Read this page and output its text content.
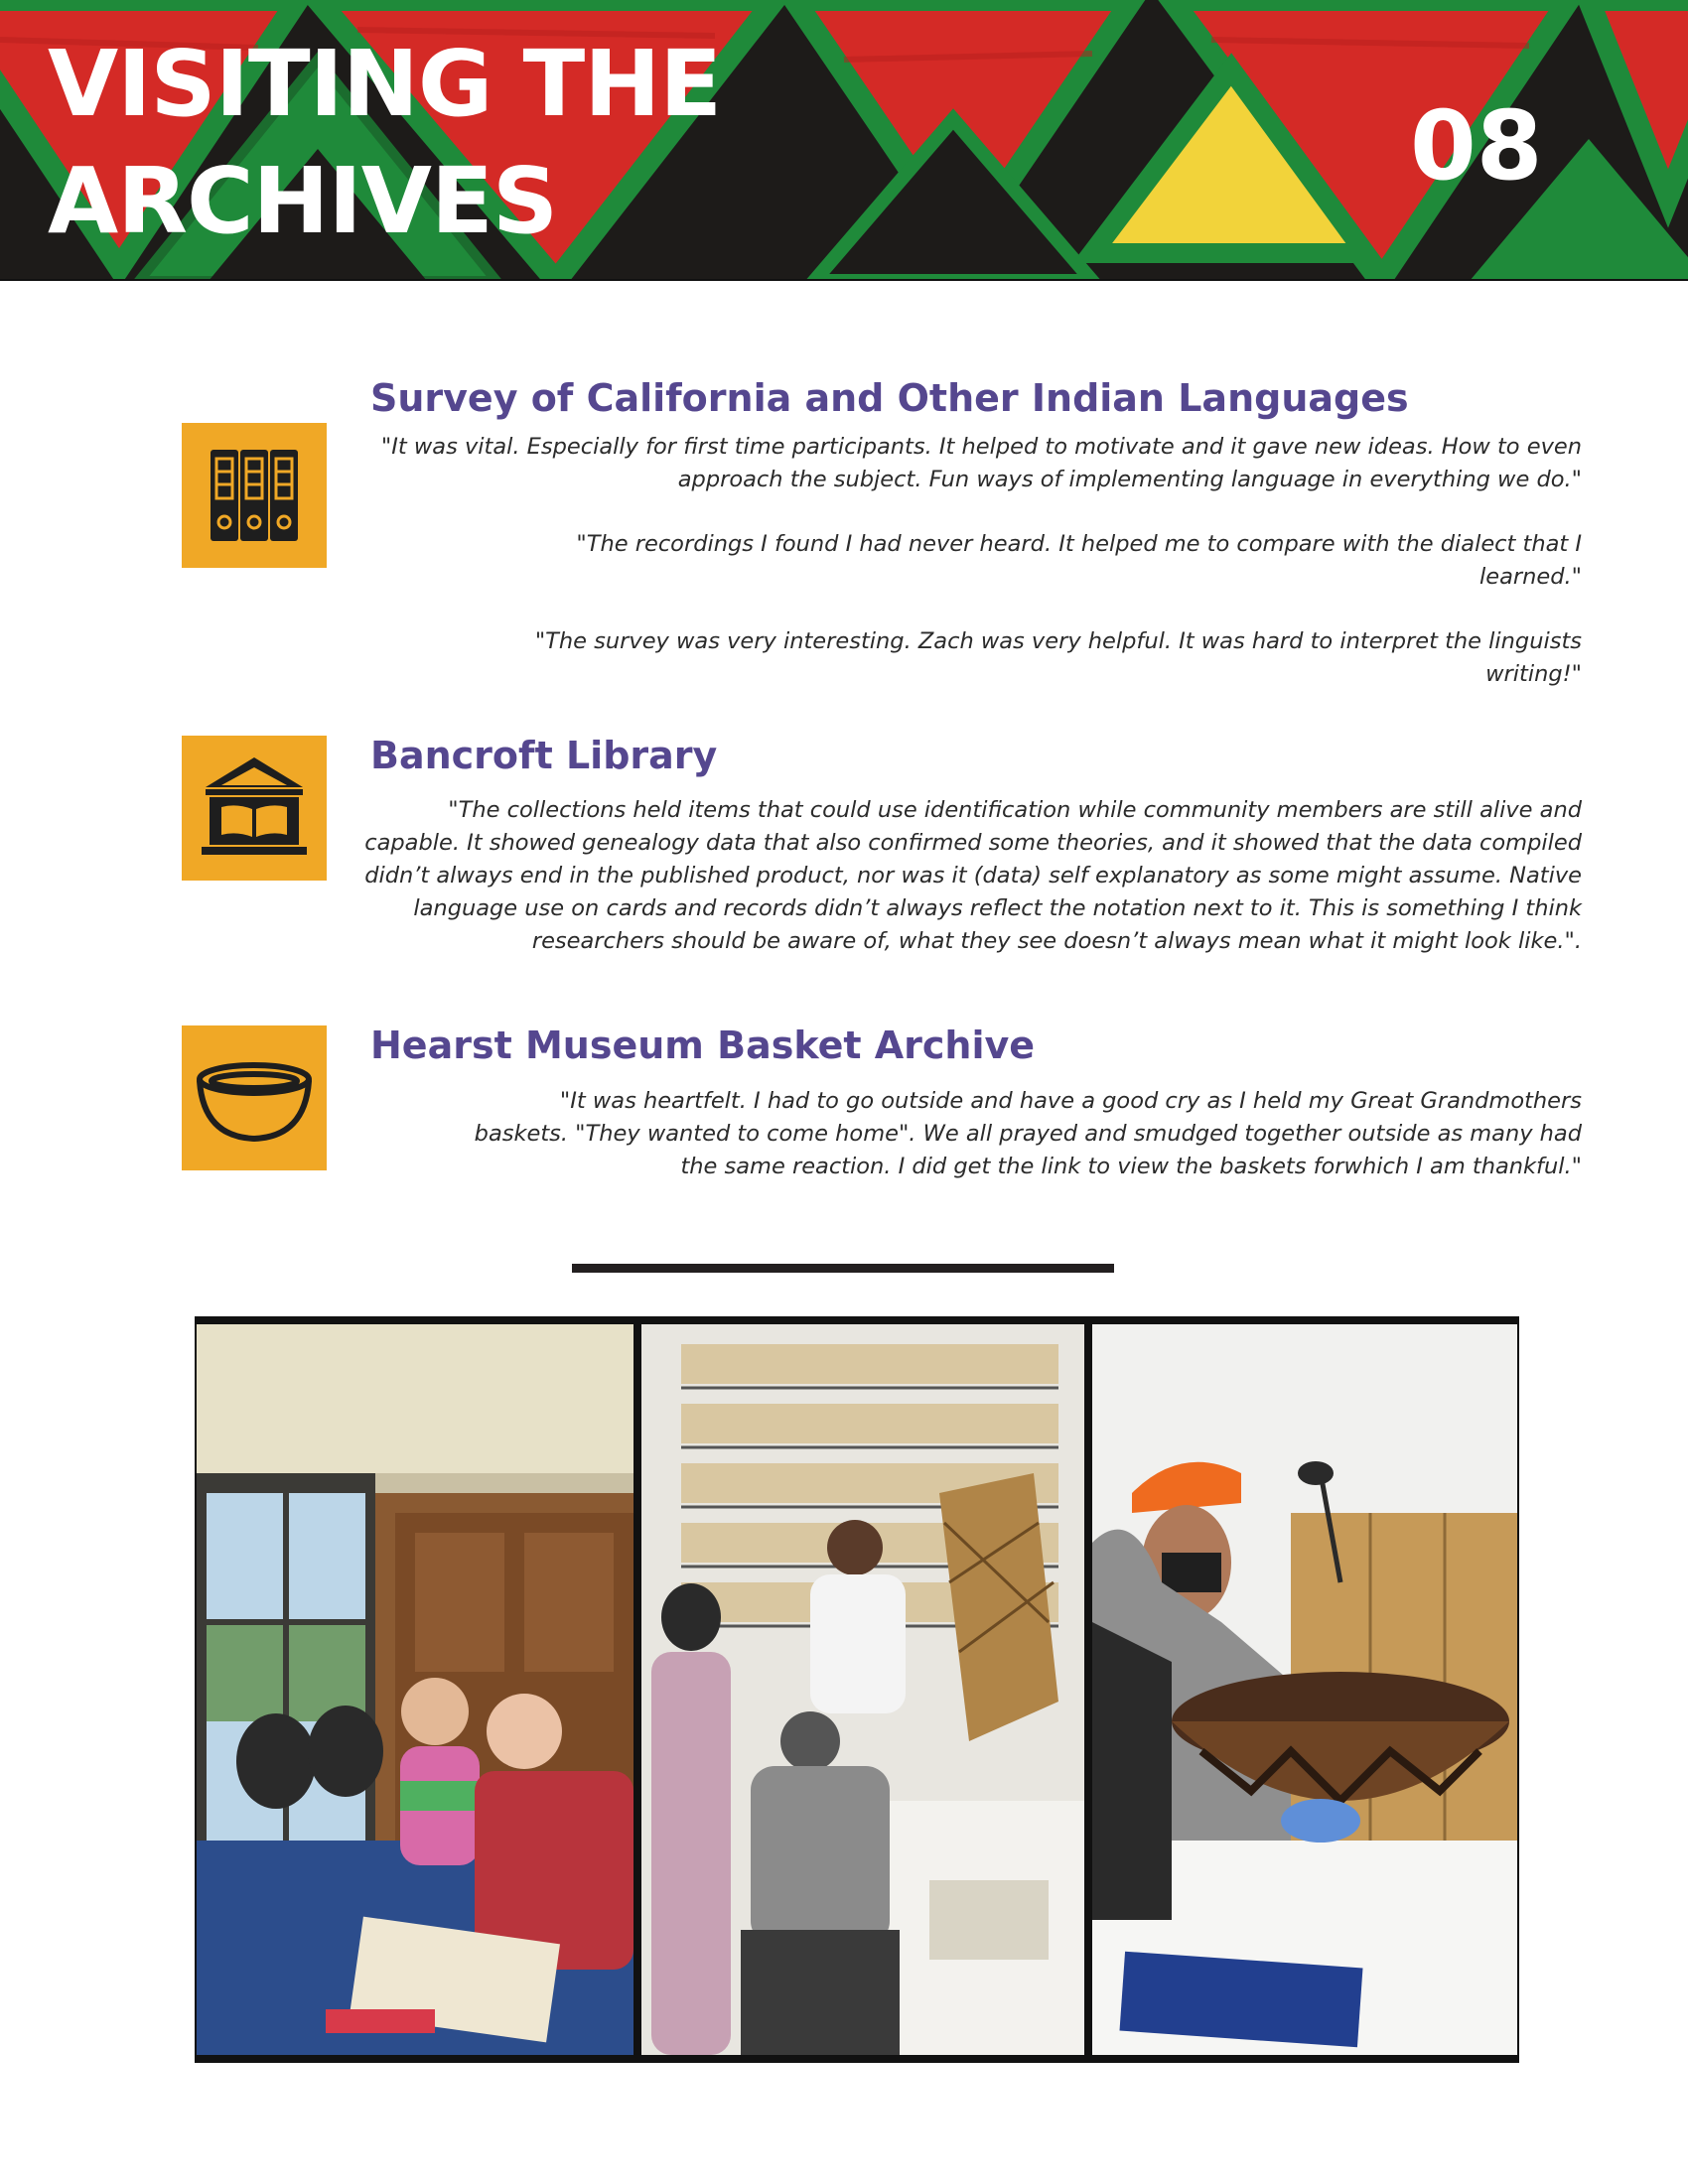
VISITING THE
ARCHIVES	08
Survey of California and Other Indian Languages

"It was vital. Especially for first time participants. It helped to motivate and it gave new ideas. How to even approach the subject. Fun ways of implementing language in everything we do."

"The recordings I found I had never heard. It helped me to compare with the dialect that I learned."

"The survey was very interesting. Zach was very helpful. It was hard to interpret the linguists writing!"

Bancroft Library

"The collections held items that could use identification while community members are still alive and capable. It showed genealogy data that also confirmed some theories, and it showed that the data compiled didn’t always end in the published product, nor was it (data) self explanatory as some might assume. Native language use on cards and records didn’t always reflect the notation next to it. This is something I think researchers should be aware of, what they see doesn’t always mean what it might look like.".

Hearst Museum Basket Archive

"It was heartfelt. I had to go outside and have a good cry as I held my Great Grandmothers baskets. "They wanted to come home". We all prayed and smudged together outside as many had the same reaction. I did get the link to view the baskets forwhich I am thankful."
